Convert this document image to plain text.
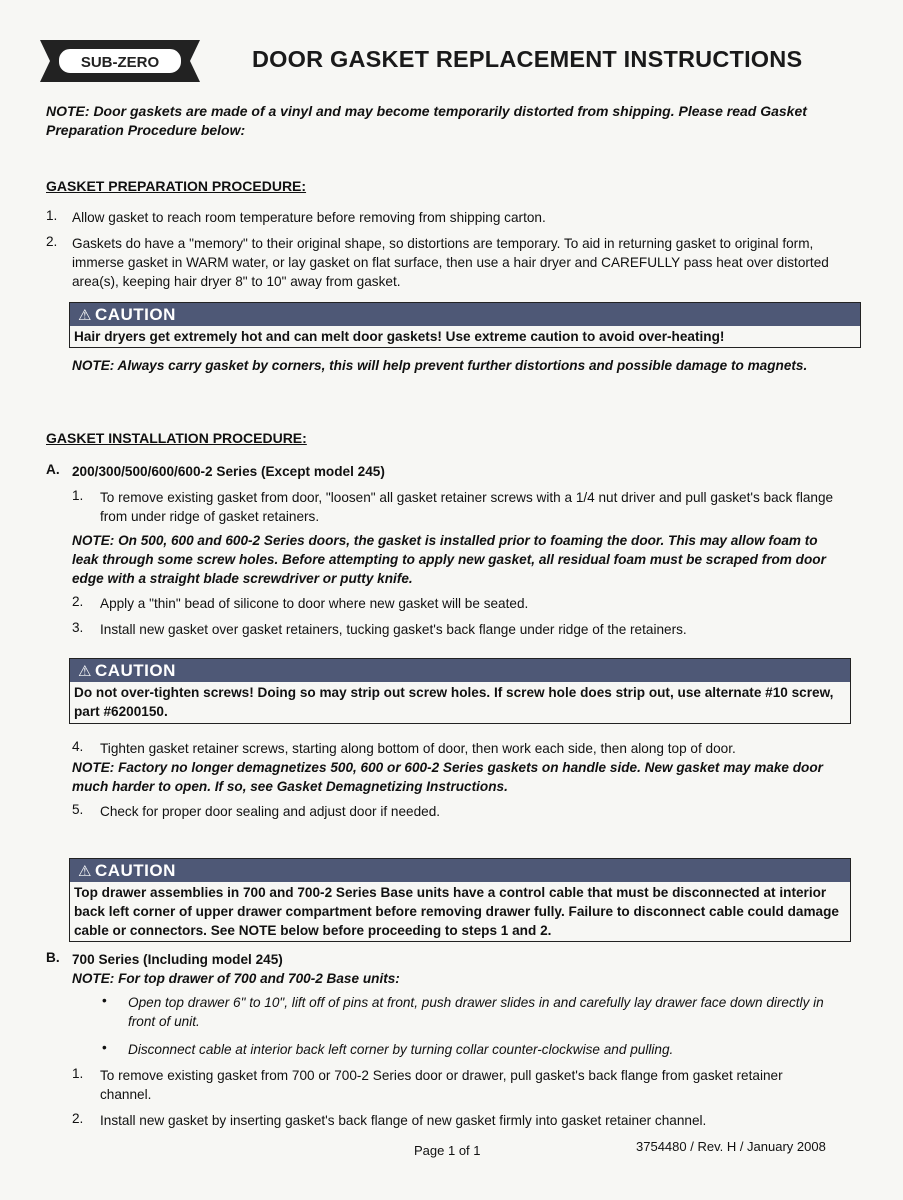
SUB-ZERO	DOOR GASKET REPLACEMENT INSTRUCTIONS
NOTE: Door gaskets are made of a vinyl and may become temporarily distorted from shipping. Please read Gasket Preparation Procedure below:
GASKET PREPARATION PROCEDURE:
1. Allow gasket to reach room temperature before removing from shipping carton.
2. Gaskets do have a "memory" to their original shape, so distortions are temporary. To aid in returning gasket to original form, immerse gasket in WARM water, or lay gasket on flat surface, then use a hair dryer and CAREFULLY pass heat over distorted area(s), keeping hair dryer 8" to 10" away from gasket.
⚠ CAUTION
Hair dryers get extremely hot and can melt door gaskets! Use extreme caution to avoid over-heating!
NOTE: Always carry gasket by corners, this will help prevent further distortions and possible damage to magnets.
GASKET INSTALLATION PROCEDURE:
A. 200/300/500/600/600-2 Series (Except model 245)
1. To remove existing gasket from door, "loosen" all gasket retainer screws with a 1/4 nut driver and pull gasket's back flange from under ridge of gasket retainers.
NOTE: On 500, 600 and 600-2 Series doors, the gasket is installed prior to foaming the door. This may allow foam to leak through some screw holes. Before attempting to apply new gasket, all residual foam must be scraped from door edge with a straight blade screwdriver or putty knife.
2. Apply a "thin" bead of silicone to door where new gasket will be seated.
3. Install new gasket over gasket retainers, tucking gasket's back flange under ridge of the retainers.
⚠ CAUTION
Do not over-tighten screws! Doing so may strip out screw holes. If screw hole does strip out, use alternate #10 screw, part #6200150.
4. Tighten gasket retainer screws, starting along bottom of door, then work each side, then along top of door.
NOTE: Factory no longer demagnetizes 500, 600 or 600-2 Series gaskets on handle side. New gasket may make door much harder to open. If so, see Gasket Demagnetizing Instructions.
5. Check for proper door sealing and adjust door if needed.
⚠ CAUTION
Top drawer assemblies in 700 and 700-2 Series Base units have a control cable that must be disconnected at interior back left corner of upper drawer compartment before removing drawer fully. Failure to disconnect cable could damage cable or connectors. See NOTE below before proceeding to steps 1 and 2.
B. 700 Series (Including model 245)
NOTE: For top drawer of 700 and 700-2 Base units:
• Open top drawer 6" to 10", lift off of pins at front, push drawer slides in and carefully lay drawer face down directly in front of unit.
• Disconnect cable at interior back left corner by turning collar counter-clockwise and pulling.
1. To remove existing gasket from 700 or 700-2 Series door or drawer, pull gasket's back flange from gasket retainer channel.
2. Install new gasket by inserting gasket's back flange of new gasket firmly into gasket retainer channel.
Page 1 of 1	3754480 / Rev. H / January 2008
